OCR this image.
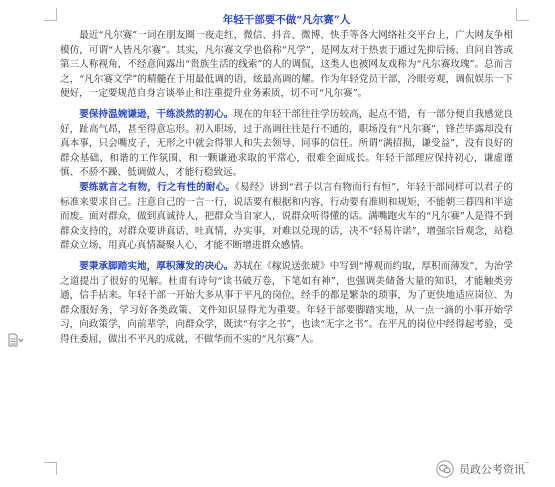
年轻干部要不做“凡尔赛”人

最近“凡尔赛”一词在朋友圈一夜走红，微信、抖音、微博、快手等各大网络社交平台上，广大网友争相模仿，可谓“人皆凡尔赛”。其实，凡尔赛文学也俗称“凡学”，是网友对于热衷于通过先抑后扬、自问自答或第三人称视角，不经意间露出“贵族生活的线索”的人的调侃，这类人也被网友戏称为“凡尔赛玫瑰”。总而言之，“凡尔赛文学”的精髓在于用最低调的语，炫最高调的耀。作为年轻党员干部，冷眼旁观，调侃娱乐一下便好，一定要规范自身言谈举止和注重提升业务素质，切不可“凡尔赛”。

要保持温婉谦逊，干练淡然的初心。现在的年轻干部往往学历较高，起点不错，有一部分便自我感觉良好，趾高气昂，甚至得意忘形。初入职场，过于高调往往是行不通的，职场没有“凡尔赛”，锋芒毕露却没有真本事，只会嘴皮子，无形之中就会得罪人和失去领导、同事的信任。所谓“满招损，谦受益”，没有良好的群众基础、和谐的工作氛围、和一颗谦逊求取的平常心，很难全面成长。年轻干部理应保持初心，谦虚谨慎、不骄不躁、低调做人，才能行稳致远。

要练就言之有物，行之有性的耐心。《易经》讲到“君子以言有物而行有恒”，年轻干部同样可以君子的标准来要求自己。注意自己的一言一行，说话要有根据和内容，行动要有准则和规矩，不能朝三暮四和半途而废。面对群众，做到真诚待人，把群众当自家人，说群众听得懂的话。满嘴跑火车的“凡尔赛”人是得不到群众支持的，对群众要讲真话、吐真情，办实事，对难以兑现的话，决不“轻易许诺”，增强宗旨观念，站稳群众立场，用真心真情凝聚人心，才能不断增进群众感情。

要秉承脚踏实地，厚积薄发的决心。苏轼在《稼说送张琥》中写到“博观而约取，厚积而薄发”，为治学之道提出了很好的见解。杜甫有诗句“读书破万卷，下笔如有神”，也强调美储备大量的知识，才能触类旁通，信手拈来。年轻干部一开始大多从事于平凡的岗位，经手的都是繁杂的琐事，为了更快地适应岗位、为群众服好务，学习好各类政策、文件知识显得尤为重要。年轻干部要脚踏实地，从一点一滴的小事开始学习，向政策学，向前辈学，向群众学，既读“有字之书”，也读“无字之书”。在平凡的岗位中经得起考验，受得住委屈，做出不平凡的成就，不做华而不实的“凡尔赛”人。

员政公考资讯
